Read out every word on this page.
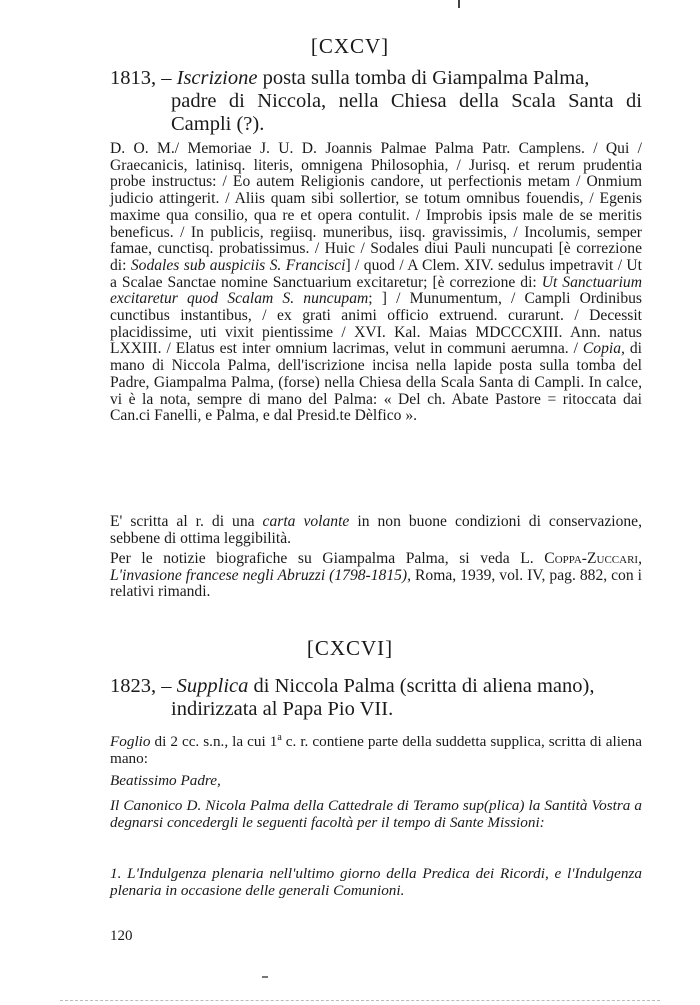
[CXCV]
1813, – Iscrizione posta sulla tomba di Giampalma Palma,
padre di Niccola, nella Chiesa della Scala Santa di Campli (?).

D. O. M./ Memoriae J. U. D. Joannis Palmae Palma Patr. Camplens. / Qui / Graecanicis, latinisq. literis, omnigena Philosophia, / Jurisq. et rerum prudentia probe instructus: / Eo autem Religionis candore, ut perfectionis metam / Onmium judicio attingerit. / Aliis quam sibi sollertior, se totum omnibus fouendis, / Egenis maxime qua consilio, qua re et opera contulit. / Improbis ipsis male de se meritis beneficus. / In publicis, regiisq. muneribus, iisq. gravissimis, / Incolumis, semper famae, cunctisq. probatissimus. / Huic / Sodales diui Pauli nuncupati [è correzione di: Sodales sub auspiciis S. Francisci] / quod / A Clem. XIV. sedulus impetravit / Ut a Scalae Sanctae nomine Sanctuarium excitaretur; [è correzione di: Ut Sanctuarium excitaretur quod Scalam S. nuncupam; ] / Munumentum, / Campli Ordinibus cunctibus instantibus, / ex grati animi officio extruend. curarunt. / Decessit placidissime, uti vixit pientissime / XVI. Kal. Maias MDCCCXIII. Ann. natus LXXIII. / Elatus est inter omnium lacrimas, velut in communi aerumna. / Copia, di mano di Niccola Palma, dell'iscrizione incisa nella lapide posta sulla tomba del Padre, Giampalma Palma, (forse) nella Chiesa della Scala Santa di Campli. In calce, vi è la nota, sempre di mano del Palma: « Del ch. Abate Pastore = ritoccata dai Can.ci Fanelli, e Palma, e dal Presid.te Dèlfico ».

E' scritta al r. di una carta volante in non buone condizioni di conservazione, sebbene di ottima leggibilità.

Per le notizie biografiche su Giampalma Palma, si veda L. Coppa-Zuccari, L'invasione francese negli Abruzzi (1798-1815), Roma, 1939, vol. IV, pag. 882, con i relativi rimandi.

[CXCVI]
1823, – Supplica di Niccola Palma (scritta di aliena mano),
indirizzata al Papa Pio VII.

Foglio di 2 cc. s.n., la cui 1$^a$ c. r. contiene parte della suddetta supplica, scritta di aliena mano:

Beatissimo Padre,

Il Canonico D. Nicola Palma della Cattedrale di Teramo sup(plica) la Santità Vostra a degnarsi concedergli le seguenti facoltà per il tempo di Sante Missioni:

1. L'Indulgenza plenaria nell'ultimo giorno della Predica dei Ricordi, e l'Indulgenza plenaria in occasione delle generali Comunioni.

120
